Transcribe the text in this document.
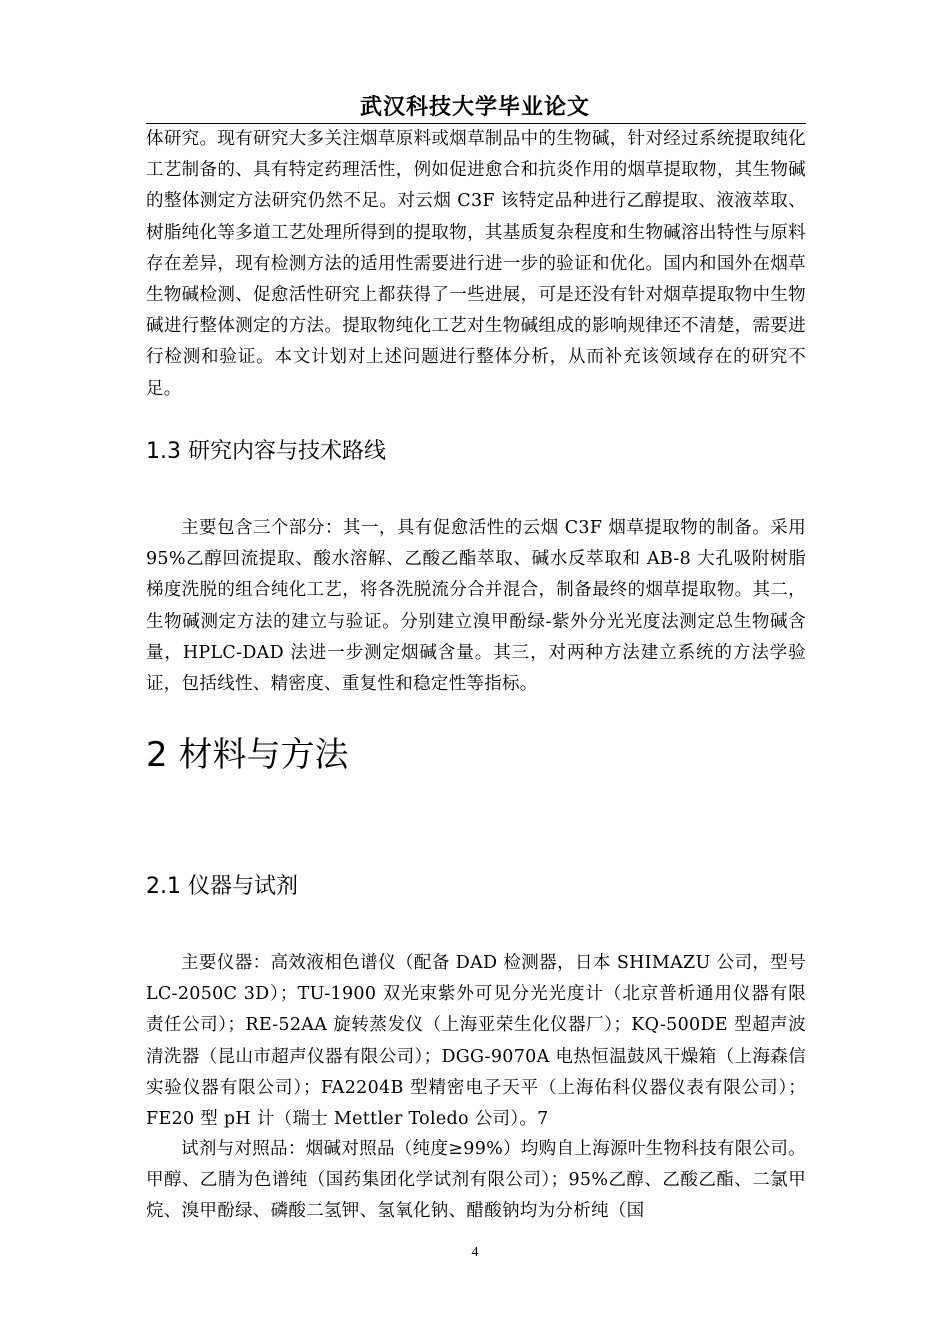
武汉科技大学毕业论文

体研究。现有研究大多关注烟草原料或烟草制品中的生物碱，针对经过系统提取纯化工艺制备的、具有特定药理活性，例如促进愈合和抗炎作用的烟草提取物，其生物碱的整体测定方法研究仍然不足。对云烟 C3F 该特定品种进行乙醇提取、液液萃取、树脂纯化等多道工艺处理所得到的提取物，其基质复杂程度和生物碱溶出特性与原料存在差异，现有检测方法的适用性需要进行进一步的验证和优化。国内和国外在烟草生物碱检测、促愈活性研究上都获得了一些进展，可是还没有针对烟草提取物中生物碱进行整体测定的方法。提取物纯化工艺对生物碱组成的影响规律还不清楚，需要进行检测和验证。本文计划对上述问题进行整体分析，从而补充该领域存在的研究不足。

1.3 研究内容与技术路线

主要包含三个部分：其一，具有促愈活性的云烟 C3F 烟草提取物的制备。采用 95%乙醇回流提取、酸水溶解、乙酸乙酯萃取、碱水反萃取和 AB-8 大孔吸附树脂梯度洗脱的组合纯化工艺，将各洗脱流分合并混合，制备最终的烟草提取物。其二，生物碱测定方法的建立与验证。分别建立溴甲酚绿-紫外分光光度法测定总生物碱含量，HPLC-DAD 法进一步测定烟碱含量。其三，对两种方法建立系统的方法学验证，包括线性、精密度、重复性和稳定性等指标。

2 材料与方法
2.1 仪器与试剂

主要仪器：高效液相色谱仪（配备 DAD 检测器，日本 SHIMAZU 公司，型号 LC-2050C 3D）；TU-1900 双光束紫外可见分光光度计（北京普析通用仪器有限责任公司）；RE-52AA 旋转蒸发仪（上海亚荣生化仪器厂）；KQ-500DE 型超声波清洗器（昆山市超声仪器有限公司）；DGG-9070A 电热恒温鼓风干燥箱（上海森信实验仪器有限公司）；FA2204B 型精密电子天平（上海佑科仪器仪表有限公司）；FE20 型 pH 计（瑞士 Mettler Toledo 公司）。7

试剂与对照品：烟碱对照品（纯度≥99%）均购自上海源叶生物科技有限公司。甲醇、乙腈为色谱纯（国药集团化学试剂有限公司）；95%乙醇、乙酸乙酯、二氯甲烷、溴甲酚绿、磷酸二氢钾、氢氧化钠、醋酸钠均为分析纯（国

4
